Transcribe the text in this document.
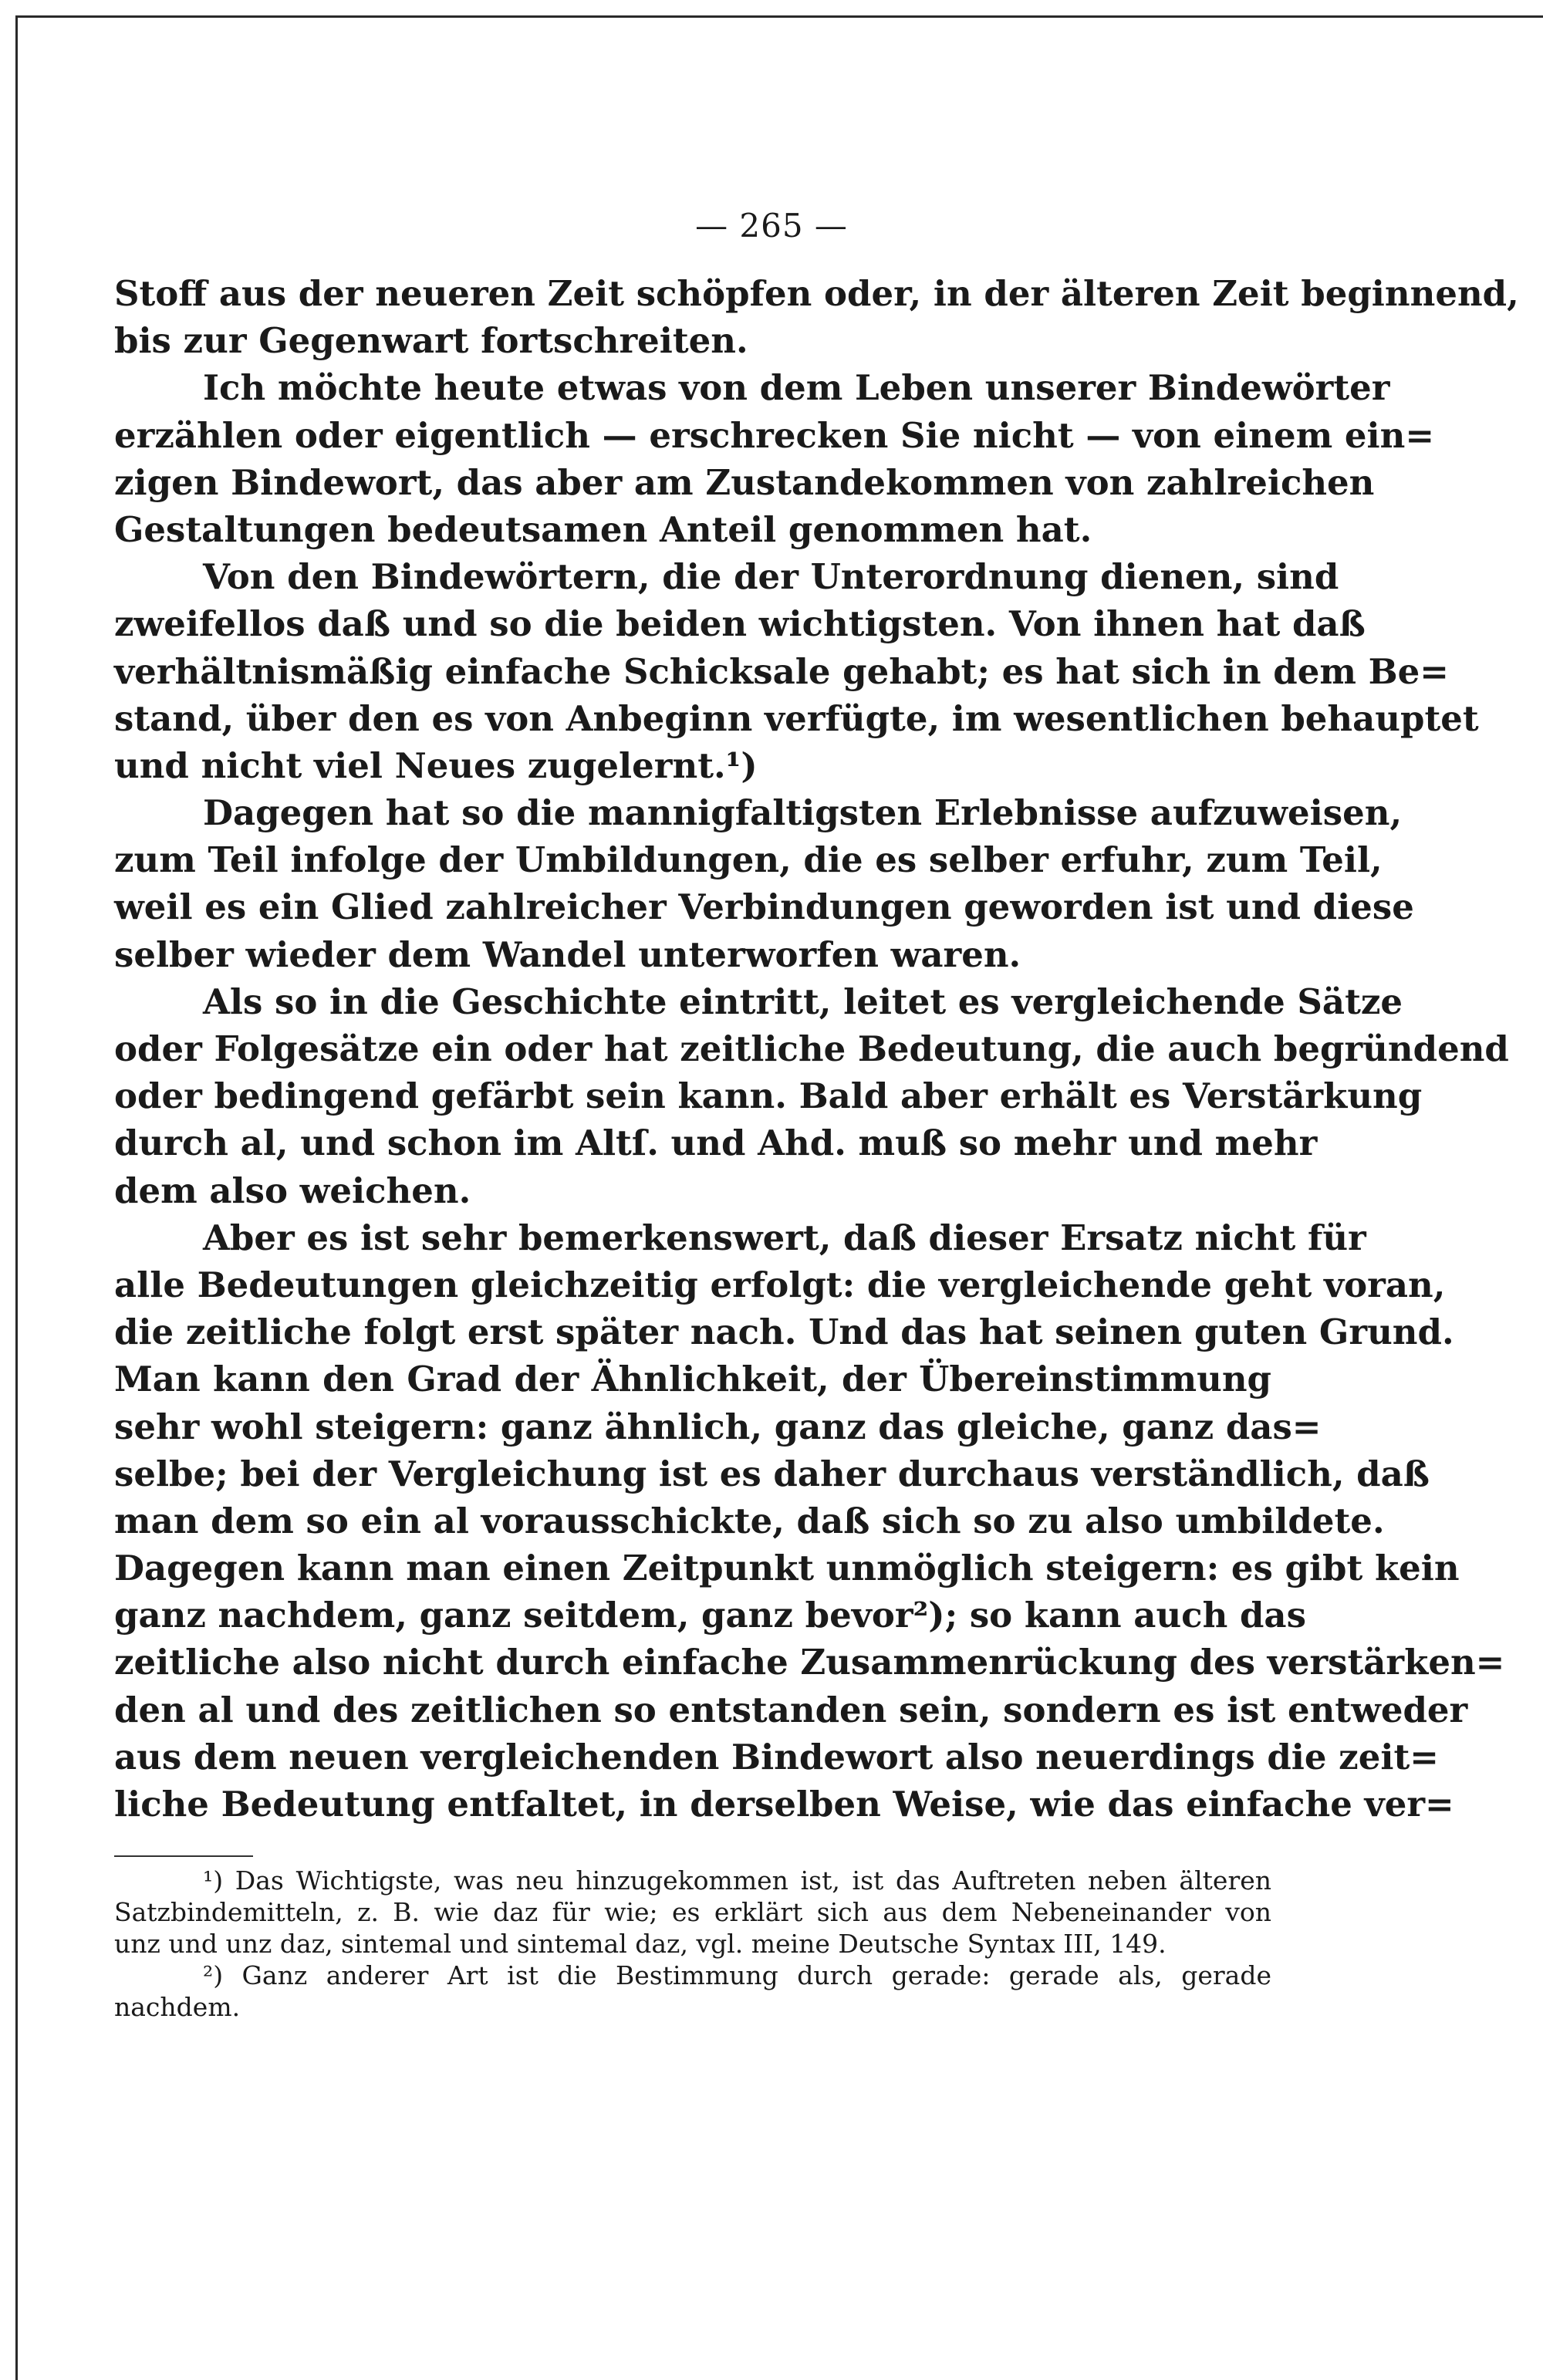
— 265 —
Stoff aus der neueren Zeit schöpfen oder, in der älteren Zeit beginnend,
bis zur Gegenwart fortschreiten.
Ich möchte heute etwas von dem Leben unserer Bindewörter
erzählen oder eigentlich — erschrecken Sie nicht — von einem ein=
zigen Bindewort, das aber am Zustandekommen von zahlreichen
Gestaltungen bedeutsamen Anteil genommen hat.
Von den Bindewörtern, die der Unterordnung dienen, sind
zweifellos daß und so die beiden wichtigsten. Von ihnen hat daß
verhältnismäßig einfache Schicksale gehabt; es hat sich in dem Be=
stand, über den es von Anbeginn verfügte, im wesentlichen behauptet
und nicht viel Neues zugelernt.¹)
Dagegen hat so die mannigfaltigsten Erlebnisse aufzuweisen,
zum Teil infolge der Umbildungen, die es selber erfuhr, zum Teil,
weil es ein Glied zahlreicher Verbindungen geworden ist und diese
selber wieder dem Wandel unterworfen waren.
Als so in die Geschichte eintritt, leitet es vergleichende Sätze
oder Folgesätze ein oder hat zeitliche Bedeutung, die auch begründend
oder bedingend gefärbt sein kann. Bald aber erhält es Verstärkung
durch al, und schon im Altſ. und Ahd. muß so mehr und mehr
dem also weichen.
Aber es ist sehr bemerkenswert, daß dieser Ersatz nicht für
alle Bedeutungen gleichzeitig erfolgt: die vergleichende geht voran,
die zeitliche folgt erst später nach. Und das hat seinen guten Grund.
Man kann den Grad der Ähnlichkeit, der Übereinstimmung
sehr wohl steigern: ganz ähnlich, ganz das gleiche, ganz das=
selbe; bei der Vergleichung ist es daher durchaus verständlich, daß
man dem so ein al vorausschickte, daß sich so zu also umbildete.
Dagegen kann man einen Zeitpunkt unmöglich steigern: es gibt kein
ganz nachdem, ganz seitdem, ganz bevor²); so kann auch das
zeitliche also nicht durch einfache Zusammenrückung des verstärken=
den al und des zeitlichen so entstanden sein, sondern es ist entweder
aus dem neuen vergleichenden Bindewort also neuerdings die zeit=
liche Bedeutung entfaltet, in derselben Weise, wie das einfache ver=
¹) Das Wichtigste, was neu hinzugekommen ist, ist das Auftreten neben älteren
Satzbindemitteln, z. B. wie daz für wie; es erklärt sich aus dem Nebeneinander von
unz und unz daz, sintemal und sintemal daz, vgl. meine Deutsche Syntax III, 149.
²) Ganz anderer Art ist die Bestimmung durch gerade: gerade als, gerade
nachdem.
